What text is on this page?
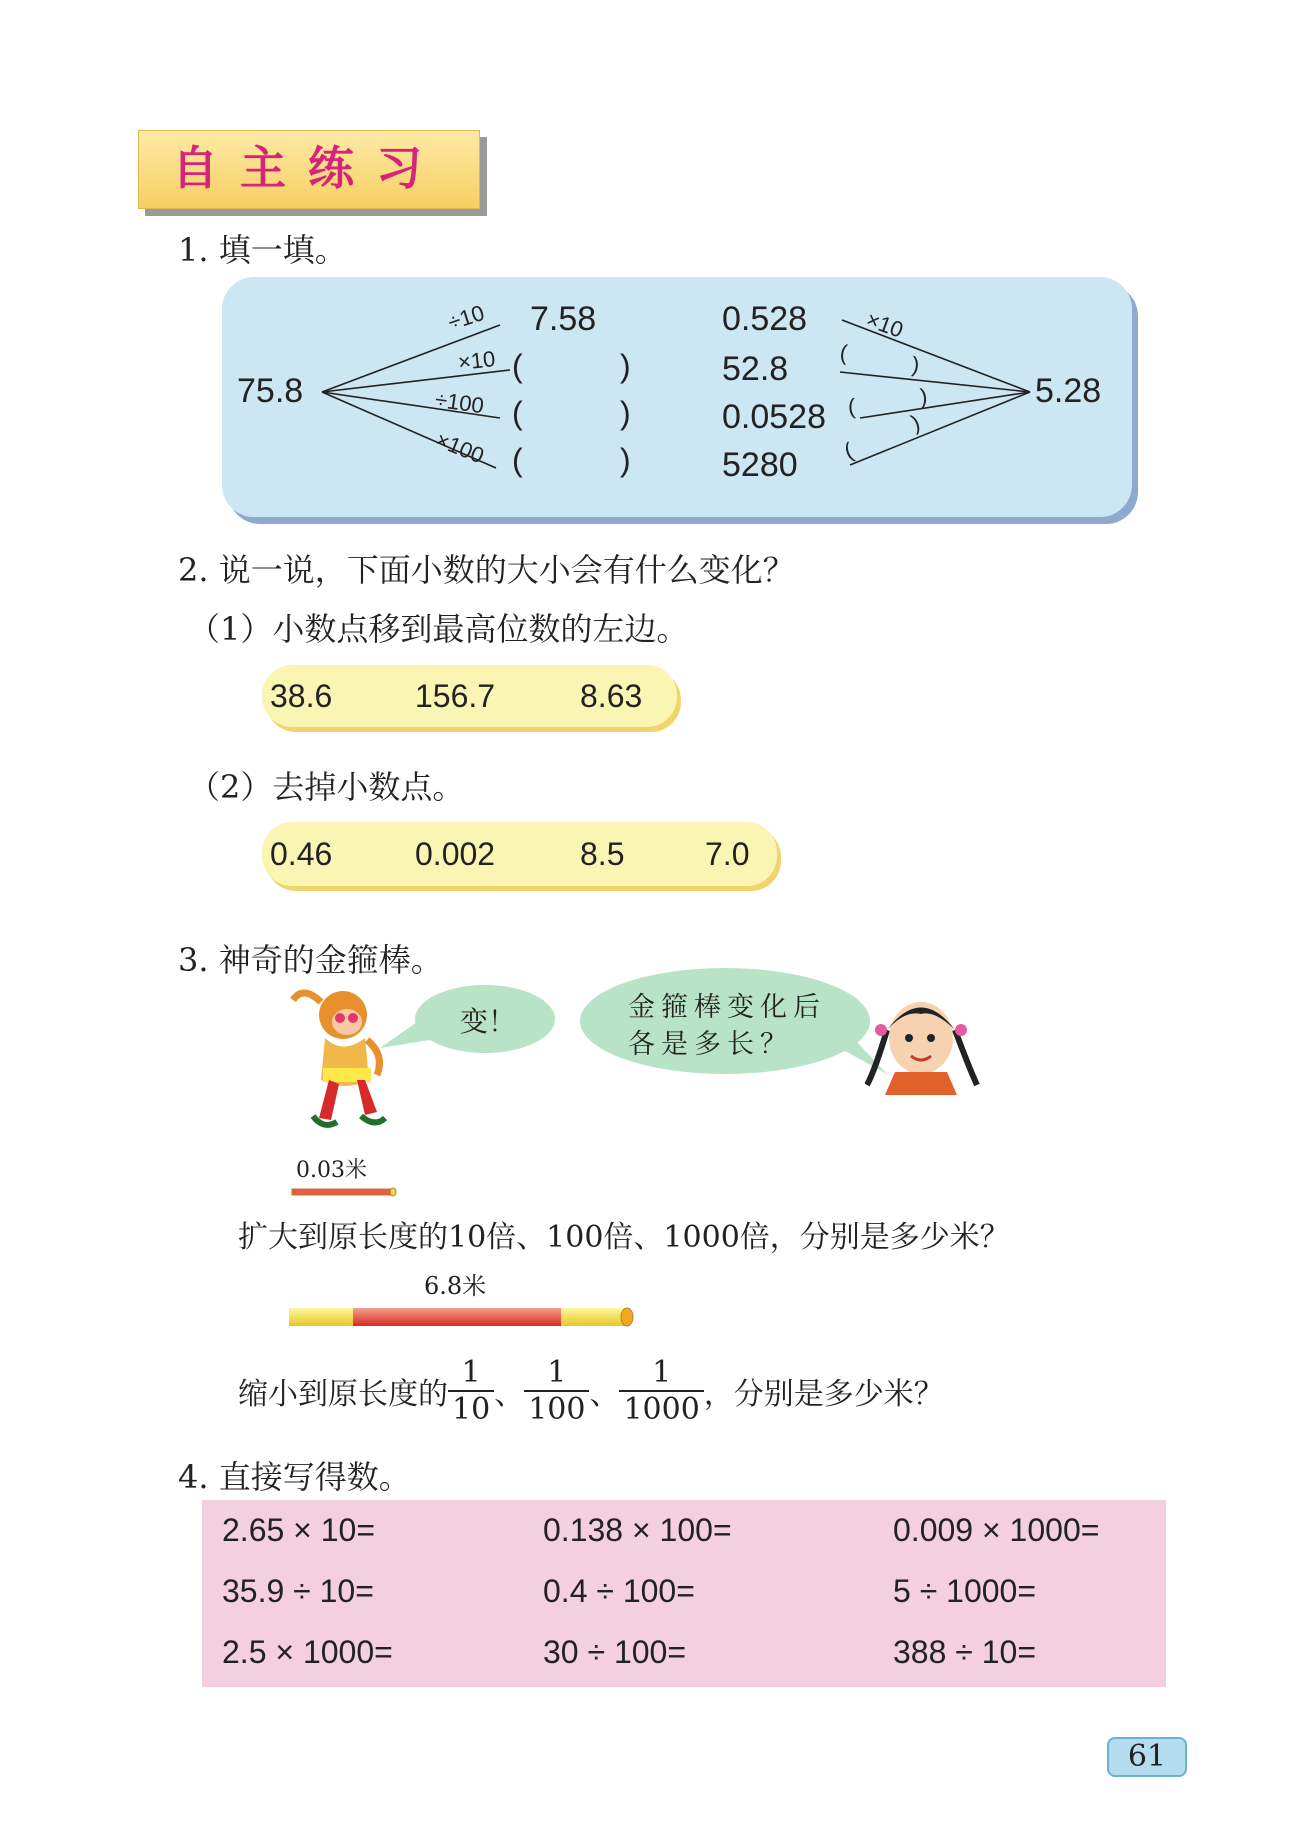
自主练习
1. 填一填。
75.8
÷10
×10
÷100
×100
7.58
(	)
(	)
(	)
0.528
52.8
0.0528
5280
5.28
×10
(	)
(	)
(
)
2. 说一说，下面小数的大小会有什么变化？
（1）小数点移到最高位数的左边。
38.6	156.7	8.63
（2）去掉小数点。
0.46	0.002	8.5	7.0
3. 神奇的金箍棒。
变！	金箍棒变化后
各是多长？
0.03米
扩大到原长度的10倍、100倍、1000倍，分别是多少米？
6.8米
缩小到原长度的 $\frac{1}{10}$ 、 $\frac{1}{100}$ 、 $\frac{1}{1000}$ ，分别是多少米？
4. 直接写得数。
2.65 × 10=	0.138 × 100=	0.009 × 1000=
35.9 ÷ 10=	0.4 ÷ 100=	5 ÷ 1000=
2.5 × 1000=	30 ÷ 100=	388 ÷ 10=
61
